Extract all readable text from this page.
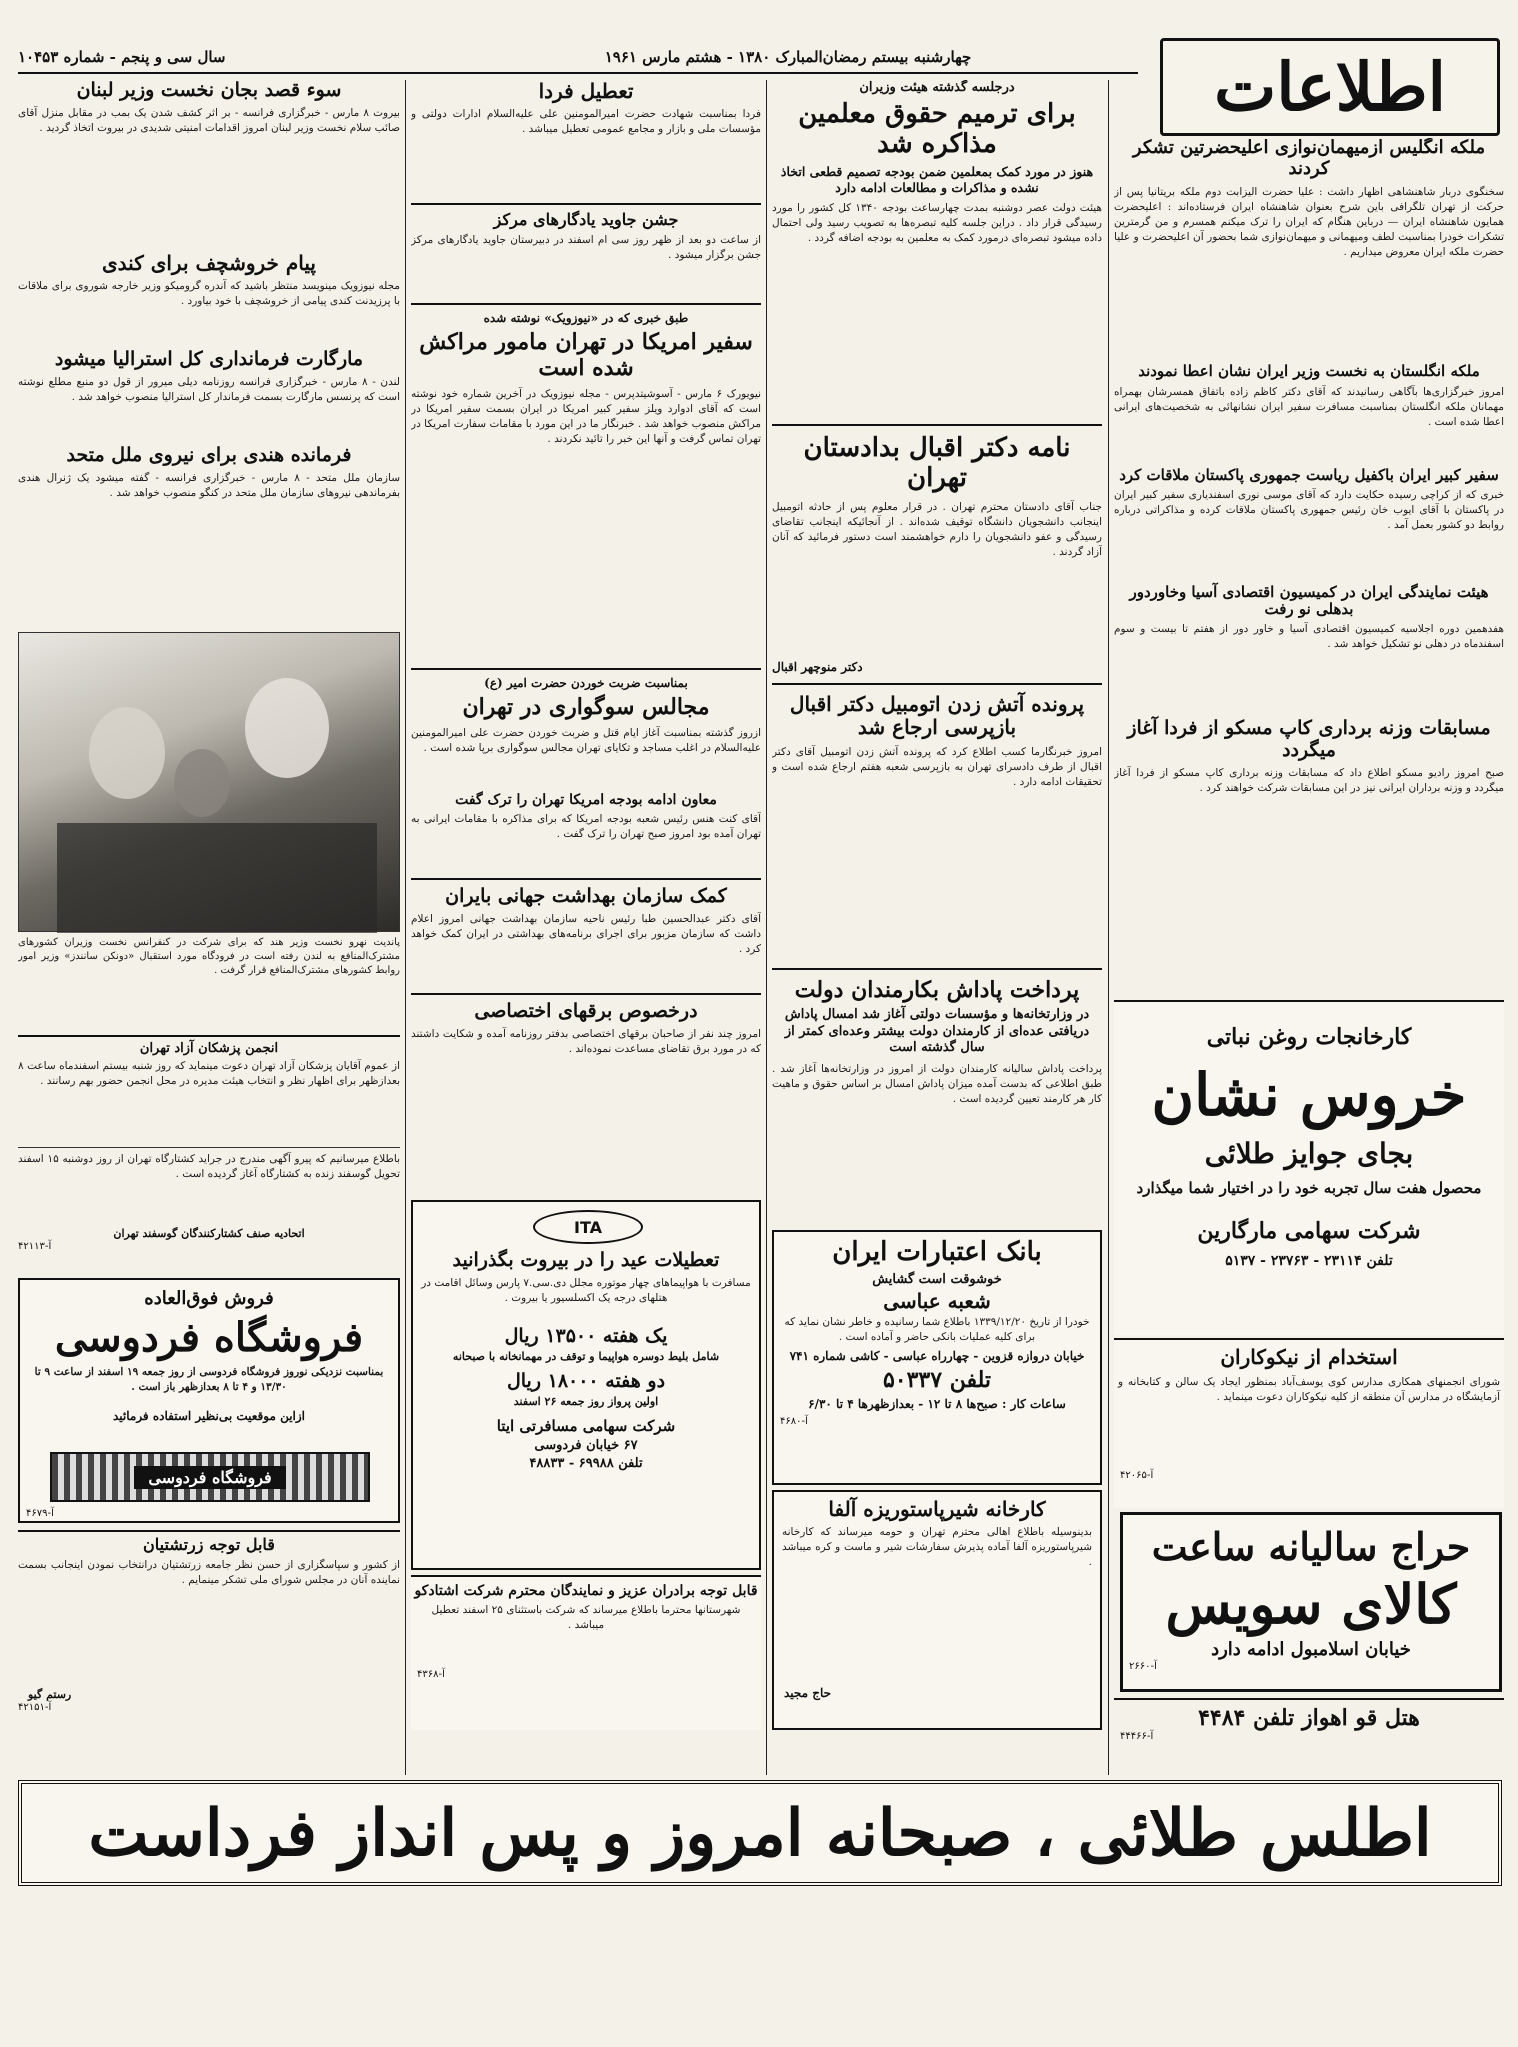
اطلاعات
چهارشنبه بیستم رمضان‌المبارک ۱۳۸۰ - هشتم مارس ۱۹۶۱
سال سی و پنجم - شماره ۱۰۴۵۳
ملکه انگلیس ازمیهمان‌نوازی اعلیحضرتین تشکر کردند
سخنگوی دربار شاهنشاهی اظهار داشت : علیا حضرت الیزابت دوم ملکه بریتانیا پس از حرکت از تهران تلگرافی باین شرح بعنوان شاهنشاه ایران فرستاده‌اند : اعلیحضرت همایون شاهنشاه ایران — درباین هنگام که ایران را ترک میکنم همسرم و من گرمترین تشکرات خودرا بمناسبت لطف ومیهمانی و میهمان‌نوازی شما بحضور آن اعلیحضرت و علیا حضرت ملکه ایران معروض میداریم .
ملکه انگلستان به نخست وزیر ایران نشان اعطا نمودند
امروز خبرگزاری‌ها بآگاهی رسانیدند که آقای دکتر کاظم زاده باتفاق همسرشان بهمراه مهمانان ملکه انگلستان بمناسبت مسافرت سفیر ایران نشانهائی به شخصیت‌های ایرانی اعطا شده است .
سفیر کبیر ایران باکفیل ریاست جمهوری پاکستان ملاقات کرد
خبری که از کراچی رسیده حکایت دارد که آقای موسی نوری اسفندیاری سفیر کبیر ایران در پاکستان با آقای ایوب خان رئیس جمهوری پاکستان ملاقات کرده و مذاکراتی درباره روابط دو کشور بعمل آمد .
هیئت نمایندگی ایران در کمیسیون اقتصادی آسیا وخاوردور بدهلی نو رفت
هفدهمین دوره اجلاسیه کمیسیون اقتصادی آسیا و خاور دور از هفتم تا بیست و سوم اسفندماه در دهلی نو تشکیل خواهد شد .
مسابقات وزنه برداری کاپ مسکو از فردا آغاز میگردد
صبح امروز رادیو مسکو اطلاع داد که مسابقات وزنه برداری کاپ مسکو از فردا آغاز میگردد و وزنه برداران ایرانی نیز در این مسابقات شرکت خواهند کرد .
کارخانجات روغن نباتی
خروس نشان
بجای جوایز طلائی
محصول هفت سال تجربه خود را در اختیار شما میگذارد
شرکت سهامی مارگارین
تلفن ۲۳۱۱۴ - ۲۳۷۶۳ - ۵۱۳۷
استخدام از نیکوکاران
شورای انجمنهای همکاری مدارس کوی یوسف‌آباد بمنظور ایجاد یک سالن و کتابخانه و آزمایشگاه در مدارس آن منطقه از کلیه نیکوکاران دعوت مینماید .
آ-۴۲۰۶۵
حراج سالیانه ساعت
کالای سویس
خیابان اسلامبول ادامه دارد
آ-۲۶۶۰
هتل قو اهواز تلفن ۴۴۸۴
آ-۴۴۴۶۶
درجلسه گذشته هیئت وزیران
برای ترمیم حقوق معلمین مذاکره شد
هنوز در مورد کمک بمعلمین ضمن بودجه تصمیم قطعی اتخاذ نشده و مذاکرات و مطالعات ادامه دارد
هیئت دولت عصر دوشنبه بمدت چهارساعت بودجه ۱۳۴۰ کل کشور را مورد رسیدگی قرار داد . دراین جلسه کلیه تبصره‌ها به تصویب رسید ولی احتمال داده میشود تبصره‌ای درمورد کمک به معلمین به بودجه اضافه گردد .
نامه دکتر اقبال بدادستان تهران
جناب آقای دادستان محترم تهران . در قرار معلوم پس از حادثه اتومبیل اینجانب دانشجویان دانشگاه توقیف شده‌اند . از آنجائیکه اینجانب تقاضای رسیدگی و عفو دانشجویان را دارم خواهشمند است دستور فرمائید که آنان آزاد گردند .
دکتر منوچهر اقبال
پرونده آتش زدن اتومبیل دکتر اقبال بازپرسی ارجاع شد
امروز خبرنگارما کسب اطلاع کرد که پرونده آتش زدن اتومبیل آقای دکتر اقبال از طرف دادسرای تهران به بازپرسی شعبه هفتم ارجاع شده است و تحقیقات ادامه دارد .
پرداخت پاداش بکارمندان دولت
در وزارتخانه‌ها و مؤسسات دولتی آغاز شد امسال پاداش دریافتی عده‌ای از کارمندان دولت بیشتر وعده‌ای کمتر از سال گذشته است
پرداخت پاداش سالیانه کارمندان دولت از امروز در وزارتخانه‌ها آغاز شد . طبق اطلاعی که بدست آمده میزان پاداش امسال بر اساس حقوق و ماهیت کار هر کارمند تعیین گردیده است .
بانک اعتبارات ایران
خوشوقت است گشایش
شعبه عباسی
خودرا از تاریخ ۱۳۳۹/۱۲/۲۰ باطلاع شما رسانیده و خاطر نشان نماید که برای کلیه عملیات بانکی حاضر و آماده است .
خیابان دروازه قزوین - چهارراه عباسی - کاشی شماره ۷۴۱
تلفن ۵۰۳۳۷
ساعات کار : صبح‌ها ۸ تا ۱۲ - بعدازظهرها ۴ تا ۶/۳۰
آ-۴۶۸۰
کارخانه شیرپاستوریزه آلفا
بدینوسیله باطلاع اهالی محترم تهران و حومه میرساند که کارخانه شیرپاستوریزه آلفا آماده پذیرش سفارشات شیر و ماست و کره میباشد .
حاج مجید
تعطیل فردا
فردا بمناسبت شهادت حضرت امیرالمومنین علی علیه‌السلام ادارات دولتی و مؤسسات ملی و بازار و مجامع عمومی تعطیل میباشد .
جشن جاوید یادگارهای مرکز
از ساعت دو بعد از ظهر روز سی ام اسفند در دبیرستان جاوید یادگارهای مرکز جشن برگزار میشود .
طبق خبری که در «نیوزویک» نوشته شده
سفیر امریکا در تهران مامور مراکش شده است
نیویورک ۶ مارس - آسوشیتدپرس - مجله نیوزویک در آخرین شماره خود نوشته است که آقای ادوارد ویلز سفیر کبیر امریکا در ایران بسمت سفیر امریکا در مراکش منصوب خواهد شد . خبرنگار ما در این مورد با مقامات سفارت امریکا در تهران تماس گرفت و آنها این خبر را تائید نکردند .
بمناسبت ضربت خوردن حضرت امیر (ع)
مجالس سوگواری در تهران
ازروز گذشته بمناسبت آغاز ایام قتل و ضربت خوردن حضرت علی امیرالمومنین علیه‌السلام در اغلب مساجد و تکایای تهران مجالس سوگواری برپا شده است .
معاون ادامه بودجه امریکا تهران را ترک گفت
آقای کنت هنس رئیس شعبه بودجه امریکا که برای مذاکره با مقامات ایرانی به تهران آمده بود امروز صبح تهران را ترک گفت .
کمک سازمان بهداشت جهانی بایران
آقای دکتر عبدالحسین طبا رئیس ناحیه سازمان بهداشت جهانی امروز اعلام داشت که سازمان مزبور برای اجرای برنامه‌های بهداشتی در ایران کمک خواهد کرد .
درخصوص برقهای اختصاصی
امروز چند نفر از صاحبان برقهای اختصاصی بدفتر روزنامه آمده و شکایت داشتند که در مورد برق تقاضای مساعدت نموده‌اند .
ITA
تعطیلات عید را در بیروت بگذرانید
مسافرت با هواپیماهای چهار موتوره مجلل دی.سی.۷ پارس وسائل اقامت در هتلهای درجه یک اکسلسیور یا بیروت .
یک هفته ۱۳۵۰۰ ریال
شامل بلیط دوسره هواپیما و توقف در مهمانخانه با صبحانه
دو هفته ۱۸۰۰۰ ریال
اولین پرواز روز جمعه ۲۶ اسفند
شرکت سهامی مسافرتی ایتا
۶۷ خیابان فردوسی
تلفن ۶۹۹۸۸ - ۴۸۸۳۳
قابل توجه برادران عزیز و نمایندگان محترم شرکت اشتادکو
شهرستانها محترما باطلاع میرساند که شرکت باستثنای ۲۵ اسفند تعطیل میباشد .
آ-۴۳۶۸
سوء قصد بجان نخست وزیر لبنان
بیروت ۸ مارس - خبرگزاری فرانسه - بر اثر کشف شدن یک بمب در مقابل منزل آقای صائب سلام نخست وزیر لبنان امروز اقدامات امنیتی شدیدی در بیروت اتخاذ گردید .
پیام خروشچف برای کندی
مجله نیوزویک مینویسد منتظر باشید که آندره گرومیکو وزیر خارجه شوروی برای ملاقات با پرزیدنت کندی پیامی از خروشچف با خود بیاورد .
مارگارت فرمانداری کل استرالیا میشود
لندن - ۸ مارس - خبرگزاری فرانسه روزنامه دیلی میرور از قول دو منبع مطلع نوشته است که پرنسس مارگارت بسمت فرماندار کل استرالیا منصوب خواهد شد .
فرمانده هندی برای نیروی ملل متحد
سازمان ملل متحد - ۸ مارس - خبرگزاری فرانسه - گفته میشود یک ژنرال هندی بفرماندهی نیروهای سازمان ملل متحد در کنگو منصوب خواهد شد .
پاندیت نهرو نخست وزیر هند که برای شرکت در کنفرانس نخست وزیران کشورهای مشترک‌المنافع به لندن رفته است در فرودگاه مورد استقبال «دونکن سانندز» وزیر امور روابط کشورهای مشترک‌المنافع قرار گرفت .
انجمن پزشکان آزاد تهران
از عموم آقایان پزشکان آزاد تهران دعوت مینماید که روز شنبه بیستم اسفندماه ساعت ۸ بعدازظهر برای اظهار نظر و انتخاب هیئت مدیره در محل انجمن حضور بهم رسانند .
باطلاع میرسانیم که پیرو آگهی مندرج در جراید کشتارگاه تهران از روز دوشنبه ۱۵ اسفند تحویل گوسفند زنده به کشتارگاه آغاز گردیده است .
اتحادیه صنف کشتارکنندگان گوسفند تهران
آ-۴۲۱۱۳
فروش فوق‌العاده
فروشگاه فردوسی
بمناسبت نزدیکی نوروز فروشگاه فردوسی از روز جمعه ۱۹ اسفند از ساعت ۹ تا ۱۳/۳۰ و ۴ تا ۸ بعدازظهر باز است .
ازاین موقعیت بی‌نظیر استفاده فرمائید
فروشگاه فردوسی
آ-۴۶۷۹
قابل توجه زرتشتیان
از کشور و سپاسگزاری از حسن نظر جامعه زرتشتیان درانتخاب نمودن اینجانب بسمت نماینده آنان در مجلس شورای ملی تشکر مینمایم .
رستم گیو
آ-۴۲۱۵۱
اطلس طلائی ، صبحانه امروز و پس انداز فرداست
